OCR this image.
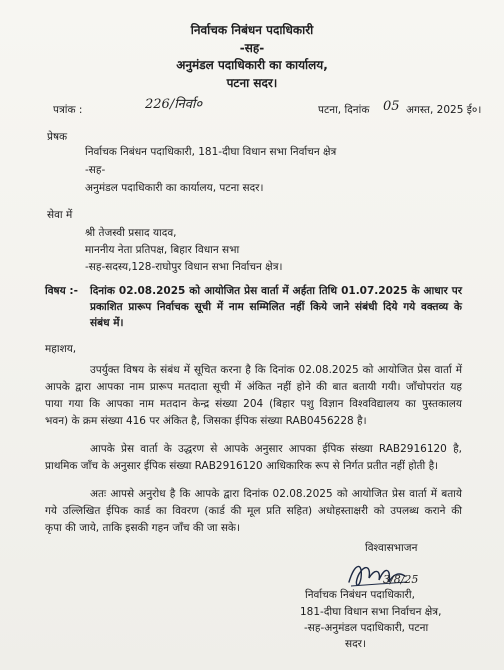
निर्वाचक निबंधन पदाधिकारी
-सह-
अनुमंडल पदाधिकारी का कार्यालय,
पटना सदर।
पत्रांक :	226/निर्वा०	पटना, दिनांक 05 अगस्त, 2025 ई०।
प्रेषक
निर्वाचक निबंधन पदाधिकारी, 181-दीघा विधान सभा निर्वाचन क्षेत्र
-सह-
अनुमंडल पदाधिकारी का कार्यालय, पटना सदर।
सेवा में
श्री तेजस्वी प्रसाद यादव,
माननीय नेता प्रतिपक्ष, बिहार विधान सभा
-सह-सदस्य,128-राघोपुर विधान सभा निर्वाचन क्षेत्र।
विषय :- दिनांक 02.08.2025 को आयोजित प्रेस वार्ता में अर्हता तिथि 01.07.2025 के आधार पर
प्रकाशित प्रारूप निर्वाचक सूची में नाम सम्मिलित नहीं किये जाने संबंधी दिये गये वक्तव्य के
संबंध में।
महाशय,
उपर्युक्त विषय के संबंध में सूचित करना है कि दिनांक 02.08.2025 को आयोजित प्रेस वार्ता में
आपके द्वारा आपका नाम प्रारूप मतदाता सूची में अंकित नहीं होने की बात बतायी गयी। जाँचोपरांत यह
पाया गया कि आपका नाम मतदान केन्द्र संख्या 204 (बिहार पशु विज्ञान विश्वविद्यालय का पुस्तकालय
भवन) के क्रम संख्या 416 पर अंकित है, जिसका ईपिक संख्या RAB0456228 है।
आपके प्रेस वार्ता के उद्धरण से आपके अनुसार आपका ईपिक संख्या RAB2916120 है,
प्राथमिक जाँच के अनुसार ईपिक संख्या RAB2916120 आधिकारिक रूप से निर्गत प्रतीत नहीं होती है।
अतः आपसे अनुरोध है कि आपके द्वारा दिनांक 02.08.2025 को आयोजित प्रेस वार्ता में बताये
गये उल्लिखित ईपिक कार्ड का विवरण (कार्ड की मूल प्रति सहित) अधोहस्ताक्षरी को उपलब्ध कराने की
कृपा की जाये, ताकि इसकी गहन जाँच की जा सके।
विश्वासभाजन
3/8/25
निर्वाचक निबंधन पदाधिकारी,
181-दीघा विधान सभा निर्वाचन क्षेत्र,
-सह-अनुमंडल पदाधिकारी, पटना
सदर।
